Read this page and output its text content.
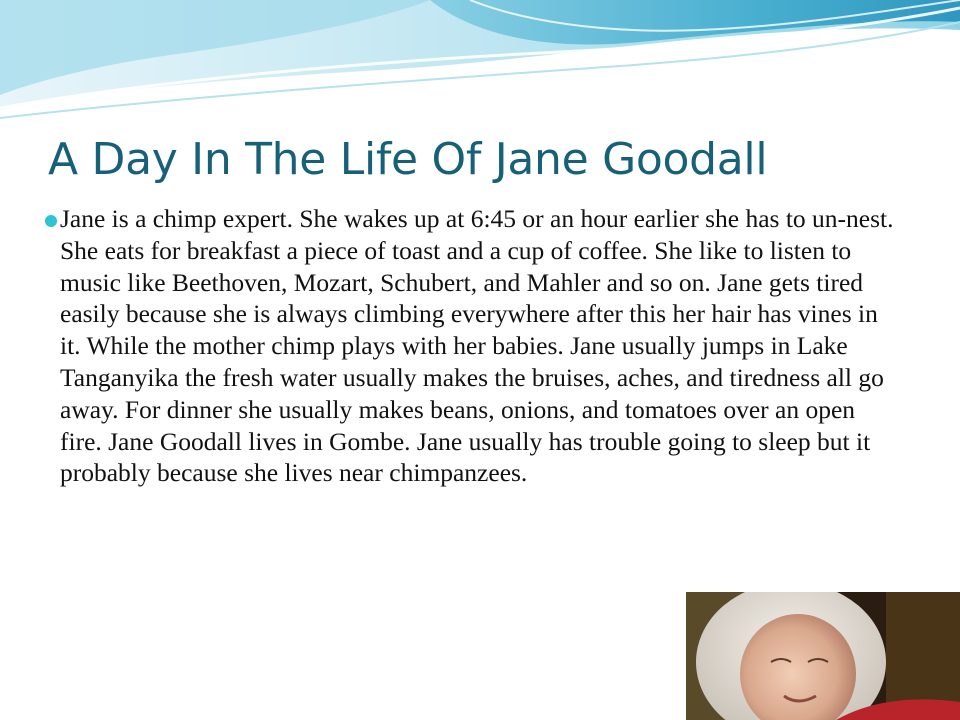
A Day In The Life Of Jane Goodall
Jane is a chimp expert. She wakes up at 6:45 or an hour earlier she has to un-nest. She eats for breakfast a piece of toast and a cup of coffee. She like to listen to music like Beethoven, Mozart, Schubert, and Mahler and so on. Jane gets tired easily because she is always climbing everywhere after this her hair has vines in it. While the mother chimp plays with her babies. Jane usually jumps in Lake Tanganyika the fresh water usually makes the bruises, aches, and tiredness all go away. For dinner she usually makes beans, onions, and tomatoes over an open fire. Jane Goodall lives in Gombe. Jane usually has trouble going to sleep but it probably because she lives near chimpanzees.
